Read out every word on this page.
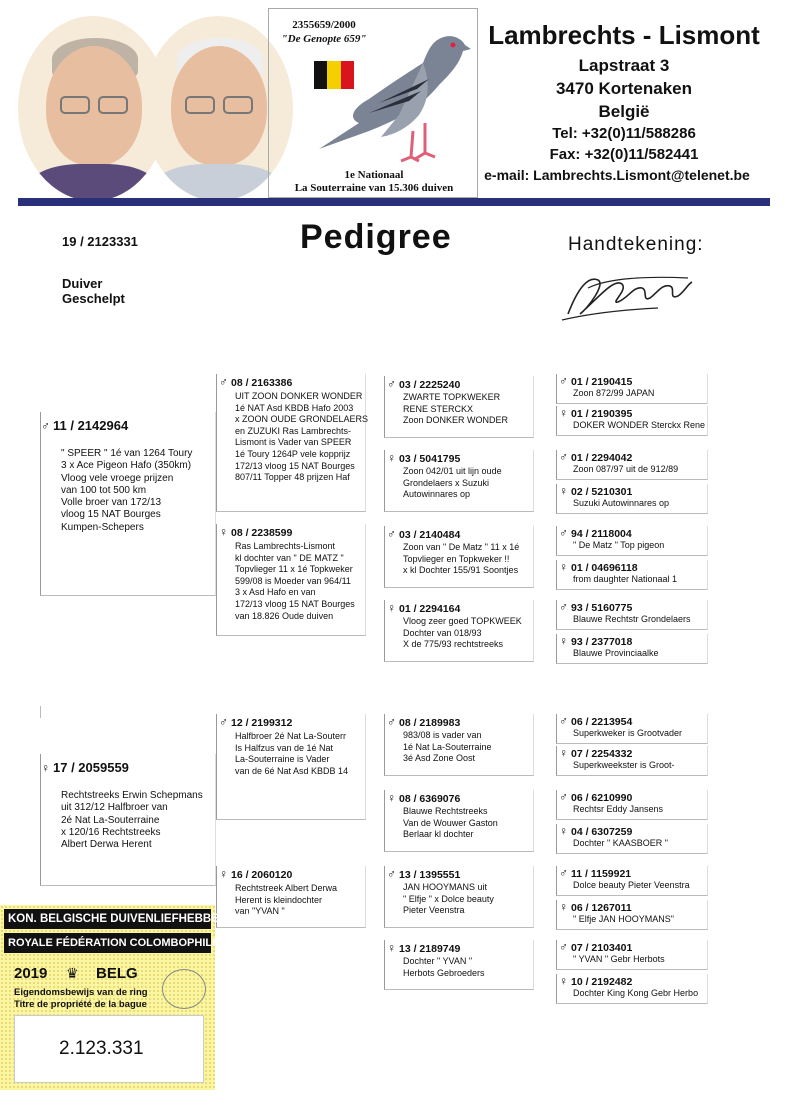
2355659/2000
"De Genopte 659"
1e Nationaal
La Souterraine van 15.306 duiven
Lambrechts - Lismont
Lapstraat 3
3470 Kortenaken
België
Tel: +32(0)11/588286
Fax: +32(0)11/582441
e-mail: Lambrechts.Lismont@telenet.be
19 / 2123331	Pedigree	Handtekening:
Duiver
Geschelpt
♂ 11 / 2142964
" SPEER " 1é van 1264 Toury
3 x Ace Pigeon Hafo (350km)
Vloog vele vroege prijzen
van 100 tot 500 km
Volle broer van 172/13
vloog 15 NAT Bourges
Kumpen-Schepers
♀ 17 / 2059559
Rechtstreeks Erwin Schepmans
uit 312/12 Halfbroer van
2é Nat La-Souterraine
x 120/16 Rechtstreeks
Albert Derwa Herent
♂ 08 / 2163386
UIT ZOON DONKER WONDER
1é NAT Asd KBDB Hafo 2003
x ZOON OUDE GRONDELAERS
en ZUZUKI Ras Lambrechts-
Lismont is Vader van SPEER
1é Toury 1264P vele kopprijz
172/13 vloog 15 NAT Bourges
807/11 Topper 48 prijzen Haf
♀ 08 / 2238599
Ras Lambrechts-Lismont
kl dochter van " DE MATZ "
Topvlieger 11 x 1é Topkweker
599/08 is Moeder van 964/11
3 x Asd Hafo en van
172/13 vloog 15 NAT Bourges
van 18.826 Oude duiven
♂ 12 / 2199312
Halfbroer 2é Nat La-Souterr
Is Halfzus van de 1é Nat
La-Souterraine is Vader
van de 6é Nat Asd KBDB 14
♀ 16 / 2060120
Rechtstreek Albert Derwa
Herent is kleindochter
van "YVAN "
♂ 03 / 2225240
ZWARTE TOPKWEKER
RENE STERCKX
Zoon DONKER WONDER
♀ 03 / 5041795
Zoon 042/01 uit lijn oude
Grondelaers x Suzuki
Autowinnares op
♂ 03 / 2140484
Zoon van " De Matz " 11 x 1é
Topvlieger en Topkweker !!
x kl Dochter 155/91 Soontjes
♀ 01 / 2294164
Vloog zeer goed TOPKWEEK
Dochter van 018/93
X de 775/93 rechtstreeks
♂ 08 / 2189983
983/08 is vader van
1é Nat La-Souterraine
3é Asd Zone Oost
♀ 08 / 6369076
Blauwe Rechtstreeks
Van de Wouwer Gaston
Berlaar kl dochter
♂ 13 / 1395551
JAN HOOYMANS uit
" Elfje " x Dolce beauty
Pieter Veenstra
♀ 13 / 2189749
Dochter " YVAN "
Herbots Gebroeders
♂ 01 / 2190415
Zoon 872/99 JAPAN
♀ 01 / 2190395
DOKER WONDER Sterckx Rene
♂ 01 / 2294042
Zoon 087/97 uit de 912/89
♀ 02 / 5210301
Suzuki Autowinnares op
♂ 94 / 2118004
" De Matz " Top pigeon
♀ 01 / 04696118
from daughter Nationaal 1
♂ 93 / 5160775
Blauwe Rechtstr Grondelaers
♀ 93 / 2377018
Blauwe Provinciaalke
♂ 06 / 2213954
Superkweker is Grootvader
♀ 07 / 2254332
Superkweekster is Groot-
♂ 06 / 6210990
Rechtsr Eddy Jansens
♀ 04 / 6307259
Dochter " KAASBOER "
♂ 11 / 1159921
Dolce beauty Pieter Veenstra
♀ 06 / 1267011
" Elfje JAN HOOYMANS"
♂ 07 / 2103401
" YVAN " Gebr Herbots
♀ 10 / 2192482
Dochter King Kong Gebr Herbo
KON. BELGISCHE DUIVENLIEFHEBBERSBOND
ROYALE FÉDÉRATION COLOMBOPHILE BELGE
2019 ♛ BELG
Eigendomsbewijs van de ring
Titre de propriété de la bague
2.123.331
